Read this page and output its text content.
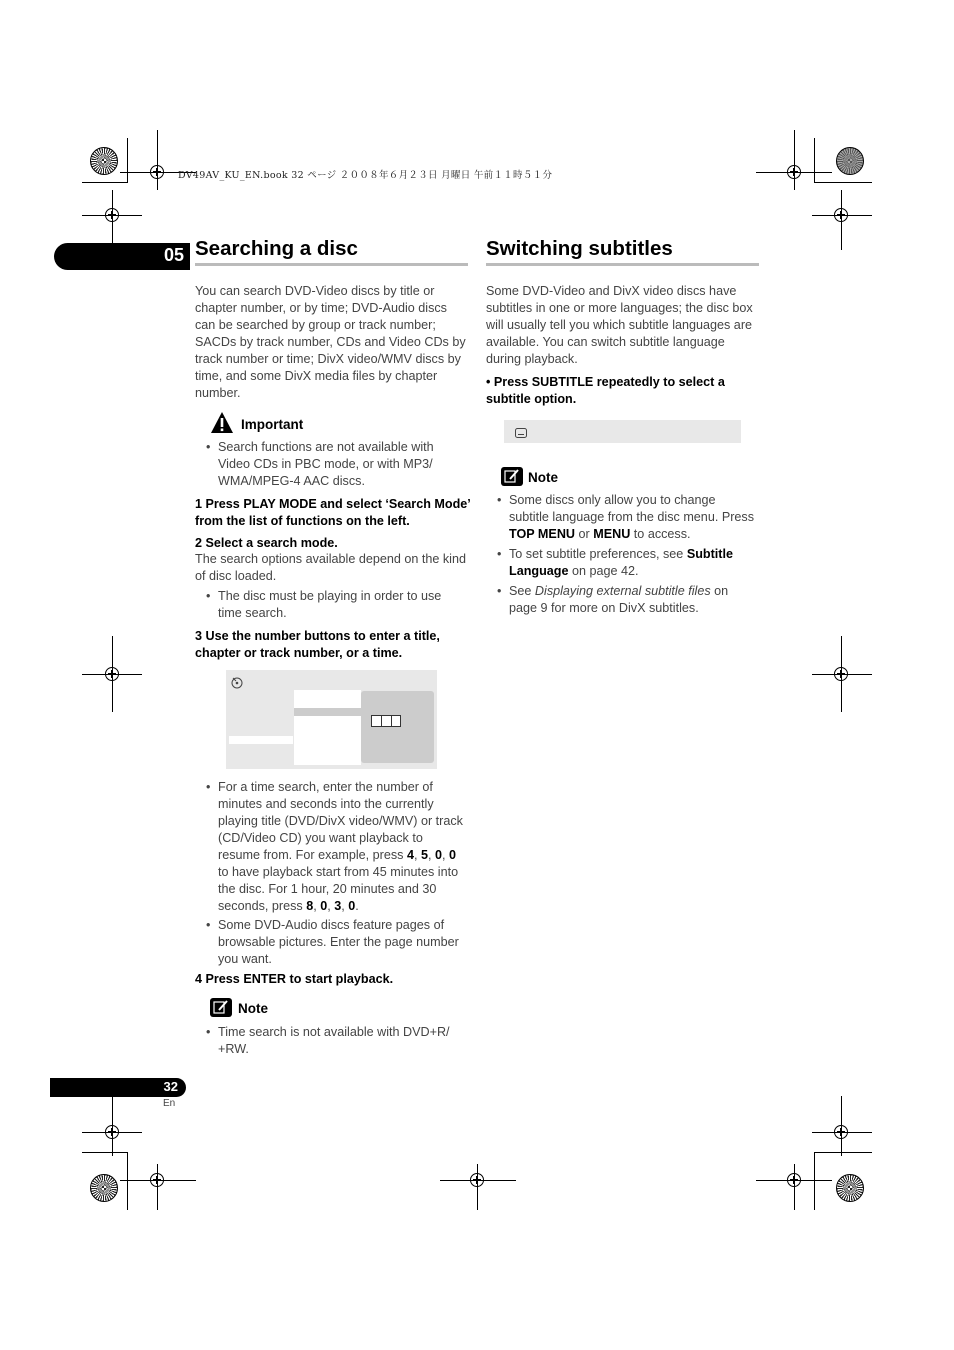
DV49AV_KU_EN.book 32 ページ ２００８年６月２３日 月曜日 午前１１時５１分
05 Searching a disc
You can search DVD-Video discs by title or chapter number, or by time; DVD-Audio discs can be searched by group or track number; SACDs by track number, CDs and Video CDs by track number or time; DivX video/WMV discs by time, and some DivX media files by chapter number.
Important
• Search functions are not available with Video CDs in PBC mode, or with MP3/ WMA/MPEG-4 AAC discs.
1 Press PLAY MODE and select ‘Search Mode’ from the list of functions on the left.
2 Select a search mode.
The search options available depend on the kind of disc loaded.
• The disc must be playing in order to use time search.
3 Use the number buttons to enter a title, chapter or track number, or a time.
• For a time search, enter the number of minutes and seconds into the currently playing title (DVD/DivX video/WMV) or track (CD/Video CD) you want playback to resume from. For example, press 4, 5, 0, 0 to have playback start from 45 minutes into the disc. For 1 hour, 20 minutes and 30 seconds, press 8, 0, 3, 0.
• Some DVD-Audio discs feature pages of browsable pictures. Enter the page number you want.
4 Press ENTER to start playback.
Note
• Time search is not available with DVD+R/ +RW.
Switching subtitles
Some DVD-Video and DivX video discs have subtitles in one or more languages; the disc box will usually tell you which subtitle languages are available. You can switch subtitle language during playback.
• Press SUBTITLE repeatedly to select a subtitle option.
Note
• Some discs only allow you to change subtitle language from the disc menu. Press TOP MENU or MENU to access.
• To set subtitle preferences, see Subtitle Language on page 42.
• See Displaying external subtitle files on page 9 for more on DivX subtitles.
32
En
